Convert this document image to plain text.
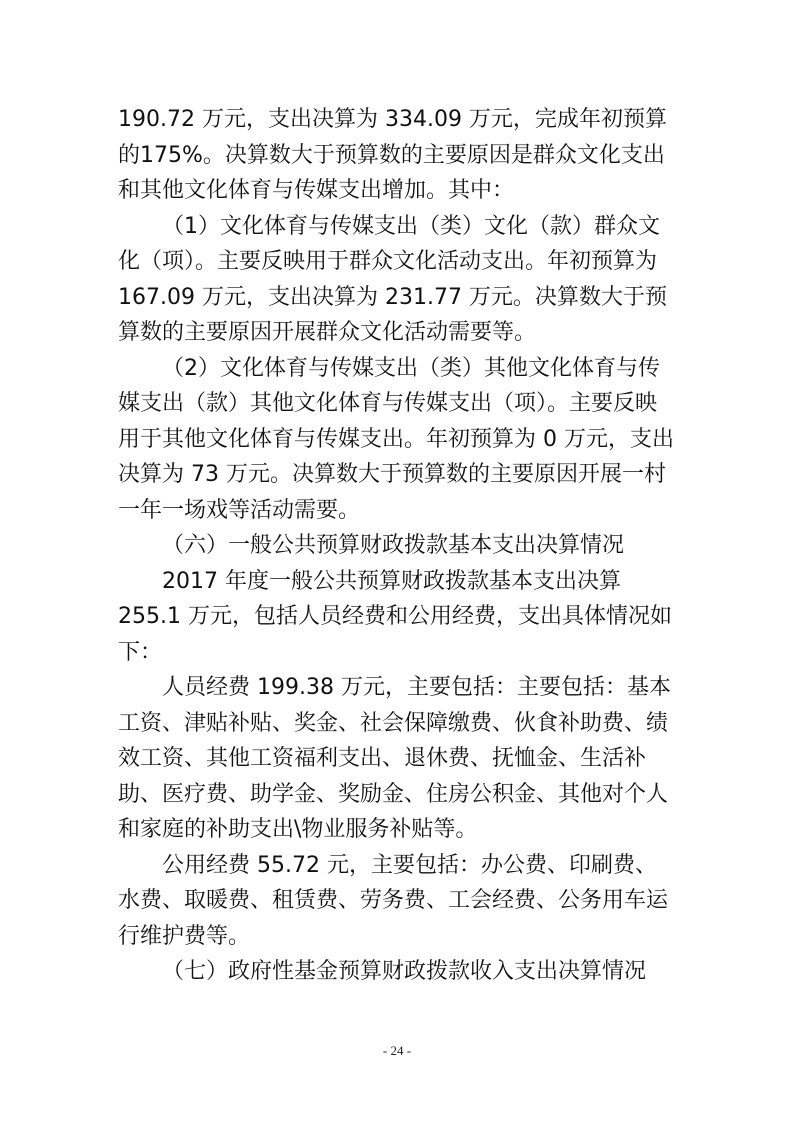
190.72 万元，支出决算为 334.09 万元，完成年初预算的175%。决算数大于预算数的主要原因是群众文化支出和其他文化体育与传媒支出增加。其中：

（1）文化体育与传媒支出（类）文化（款）群众文化（项）。主要反映用于群众文化活动支出。年初预算为 167.09 万元，支出决算为 231.77 万元。决算数大于预算数的主要原因开展群众文化活动需要等。

（2）文化体育与传媒支出（类）其他文化体育与传媒支出（款）其他文化体育与传媒支出（项）。主要反映用于其他文化体育与传媒支出。年初预算为 0 万元，支出决算为 73 万元。决算数大于预算数的主要原因开展一村一年一场戏等活动需要。

（六）一般公共预算财政拨款基本支出决算情况

2017 年度一般公共预算财政拨款基本支出决算 255.1 万元，包括人员经费和公用经费，支出具体情况如下：

人员经费 199.38 万元，主要包括：主要包括：基本工资、津贴补贴、奖金、社会保障缴费、伙食补助费、绩效工资、其他工资福利支出、退休费、抚恤金、生活补助、医疗费、助学金、奖励金、住房公积金、其他对个人和家庭的补助支出\物业服务补贴等。

公用经费 55.72 元，主要包括：办公费、印刷费、水费、取暖费、租赁费、劳务费、工会经费、公务用车运行维护费等。

（七）政府性基金预算财政拨款收入支出决算情况

- 24 -
